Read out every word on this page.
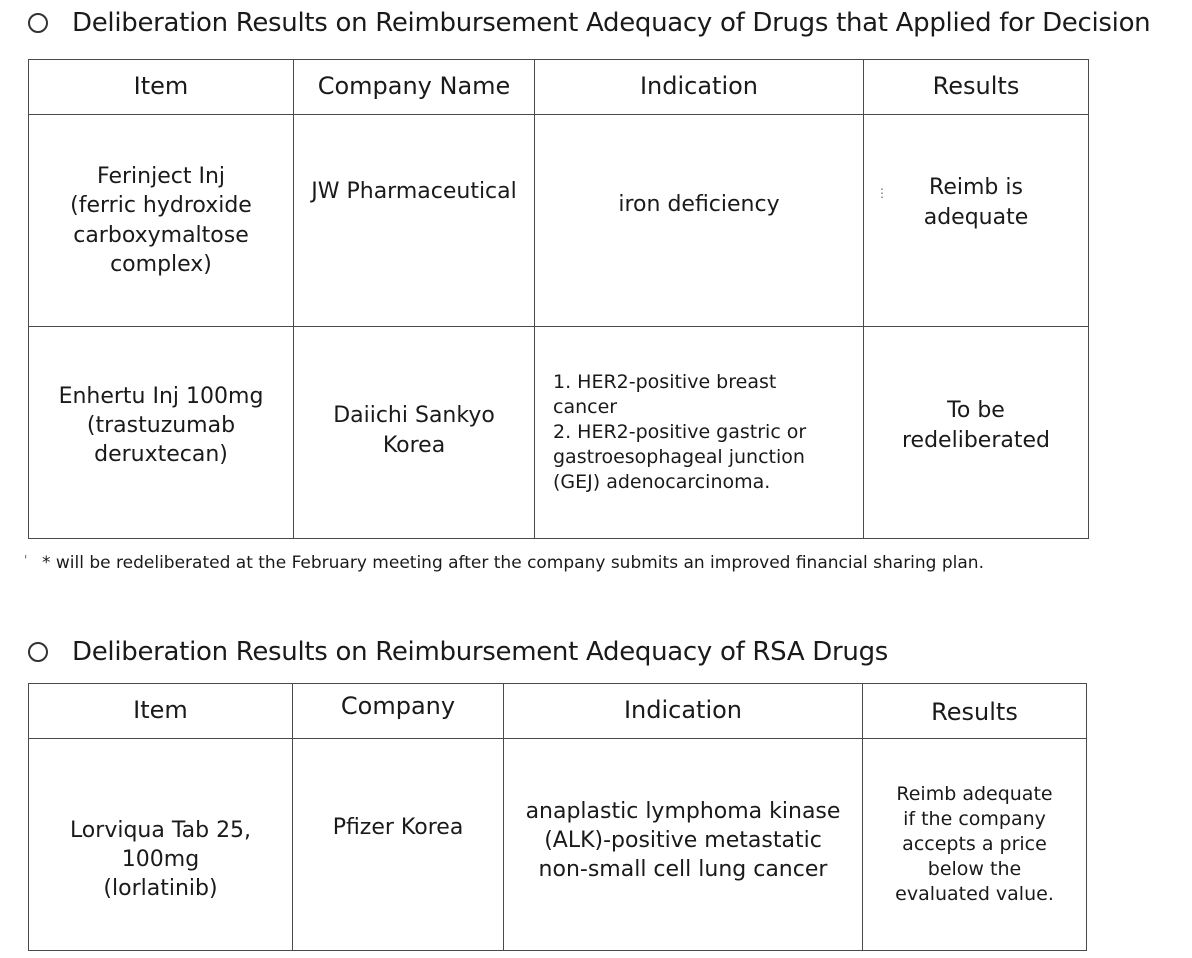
Deliberation Results on Reimbursement Adequacy of Drugs that Applied for Decision
Item	Company Name	Indication	Results
Ferinject Inj
(ferric hydroxide
carboxymaltose
complex)	JW Pharmaceutical	iron deficiency	Reimb is
adequate
Enhertu Inj 100mg
(trastuzumab
deruxtecan)	Daiichi Sankyo
Korea	1. HER2-positive breast
cancer
2. HER2-positive gastric or
gastroesophageal junction
(GEJ) adenocarcinoma.	To be
redeliberated
⋮
' * will be redeliberated at the February meeting after the company submits an improved financial sharing plan.
Deliberation Results on Reimbursement Adequacy of RSA Drugs
Item	Company	Indication	Results
Lorviqua Tab 25,
100mg
(lorlatinib)	Pfizer Korea	anaplastic lymphoma kinase
(ALK)-positive metastatic
non-small cell lung cancer	Reimb adequate
if the company
accepts a price
below the
evaluated value.
